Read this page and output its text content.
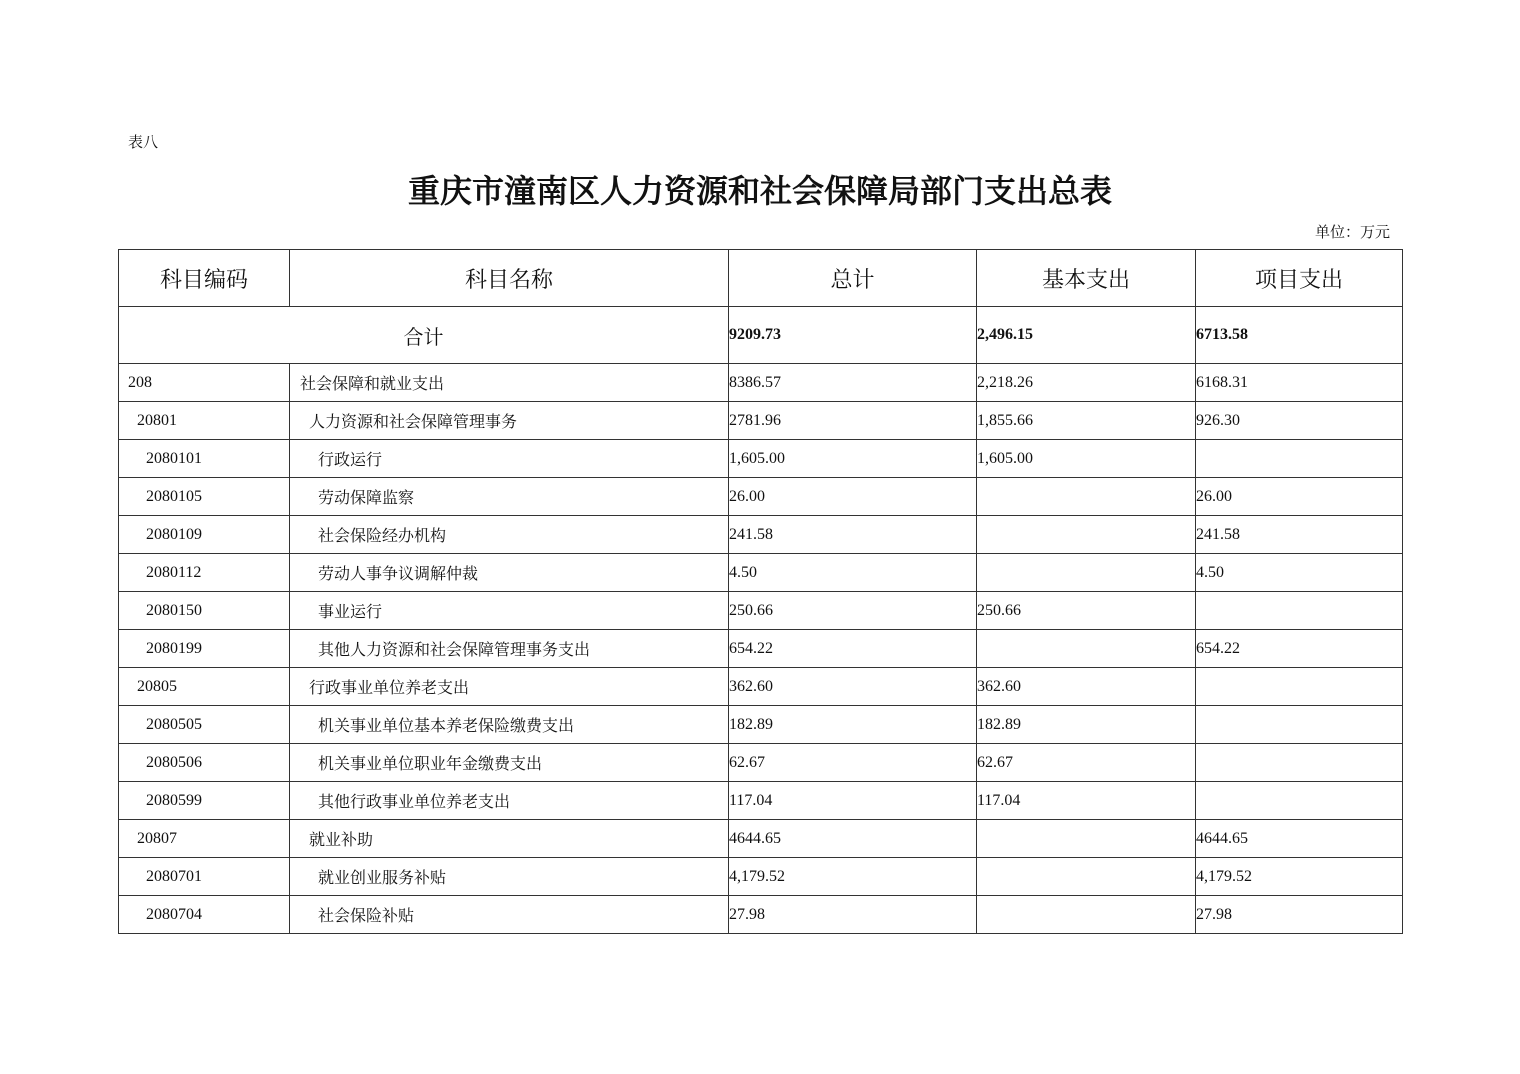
表八
重庆市潼南区人力资源和社会保障局部门支出总表
单位：万元
科目编码	科目名称	总计	基本支出	项目支出
合计		9209.73	2,496.15	6713.58
208	社会保障和就业支出	8386.57	2,218.26	6168.31
20801	人力资源和社会保障管理事务	2781.96	1,855.66	926.30
2080101	行政运行	1,605.00	1,605.00	
2080105	劳动保障监察	26.00		26.00
2080109	社会保险经办机构	241.58		241.58
2080112	劳动人事争议调解仲裁	4.50		4.50
2080150	事业运行	250.66	250.66	
2080199	其他人力资源和社会保障管理事务支出	654.22		654.22
20805	行政事业单位养老支出	362.60	362.60	
2080505	机关事业单位基本养老保险缴费支出	182.89	182.89	
2080506	机关事业单位职业年金缴费支出	62.67	62.67	
2080599	其他行政事业单位养老支出	117.04	117.04	
20807	就业补助	4644.65		4644.65
2080701	就业创业服务补贴	4,179.52		4,179.52
2080704	社会保险补贴	27.98		27.98
